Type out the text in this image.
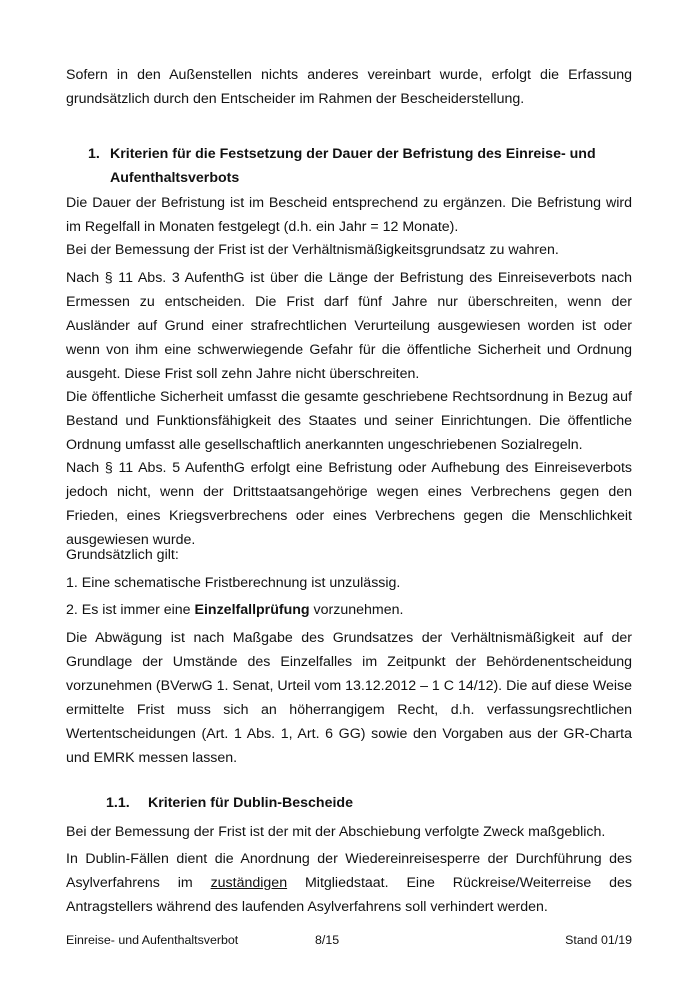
Sofern in den Außenstellen nichts anderes vereinbart wurde, erfolgt die Erfassung grundsätzlich durch den Entscheider im Rahmen der Bescheiderstellung.

1. Kriterien für die Festsetzung der Dauer der Befristung des Einreise- und Aufenthaltsverbots

Die Dauer der Befristung ist im Bescheid entsprechend zu ergänzen. Die Befristung wird im Regelfall in Monaten festgelegt (d.h. ein Jahr = 12 Monate).

Bei der Bemessung der Frist ist der Verhältnismäßigkeitsgrundsatz zu wahren.

Nach § 11 Abs. 3 AufenthG ist über die Länge der Befristung des Einreiseverbots nach Ermessen zu entscheiden. Die Frist darf fünf Jahre nur überschreiten, wenn der Ausländer auf Grund einer strafrechtlichen Verurteilung ausgewiesen worden ist oder wenn von ihm eine schwerwiegende Gefahr für die öffentliche Sicherheit und Ordnung ausgeht. Diese Frist soll zehn Jahre nicht überschreiten.

Die öffentliche Sicherheit umfasst die gesamte geschriebene Rechtsordnung in Bezug auf Bestand und Funktionsfähigkeit des Staates und seiner Einrichtungen. Die öffentliche Ordnung umfasst alle gesellschaftlich anerkannten ungeschriebenen Sozialregeln.

Nach § 11 Abs. 5 AufenthG erfolgt eine Befristung oder Aufhebung des Einreiseverbots jedoch nicht, wenn der Drittstaatsangehörige wegen eines Verbrechens gegen den Frieden, eines Kriegsverbrechens oder eines Verbrechens gegen die Menschlichkeit ausgewiesen wurde.

Grundsätzlich gilt:

1. Eine schematische Fristberechnung ist unzulässig.

2. Es ist immer eine Einzelfallprüfung vorzunehmen.

Die Abwägung ist nach Maßgabe des Grundsatzes der Verhältnismäßigkeit auf der Grundlage der Umstände des Einzelfalles im Zeitpunkt der Behördenentscheidung vorzunehmen (BVerwG 1. Senat, Urteil vom 13.12.2012 – 1 C 14/12). Die auf diese Weise ermittelte Frist muss sich an höherrangigem Recht, d.h. verfassungsrechtlichen Wertentscheidungen (Art. 1 Abs. 1, Art. 6 GG) sowie den Vorgaben aus der GR-Charta und EMRK messen lassen.

1.1. Kriterien für Dublin-Bescheide

Bei der Bemessung der Frist ist der mit der Abschiebung verfolgte Zweck maßgeblich.

In Dublin-Fällen dient die Anordnung der Wiedereinreisesperre der Durchführung des Asylverfahrens im zuständigen Mitgliedstaat. Eine Rückreise/Weiterreise des Antragstellers während des laufenden Asylverfahrens soll verhindert werden.

Einreise- und Aufenthaltsverbot	8/15	Stand 01/19
